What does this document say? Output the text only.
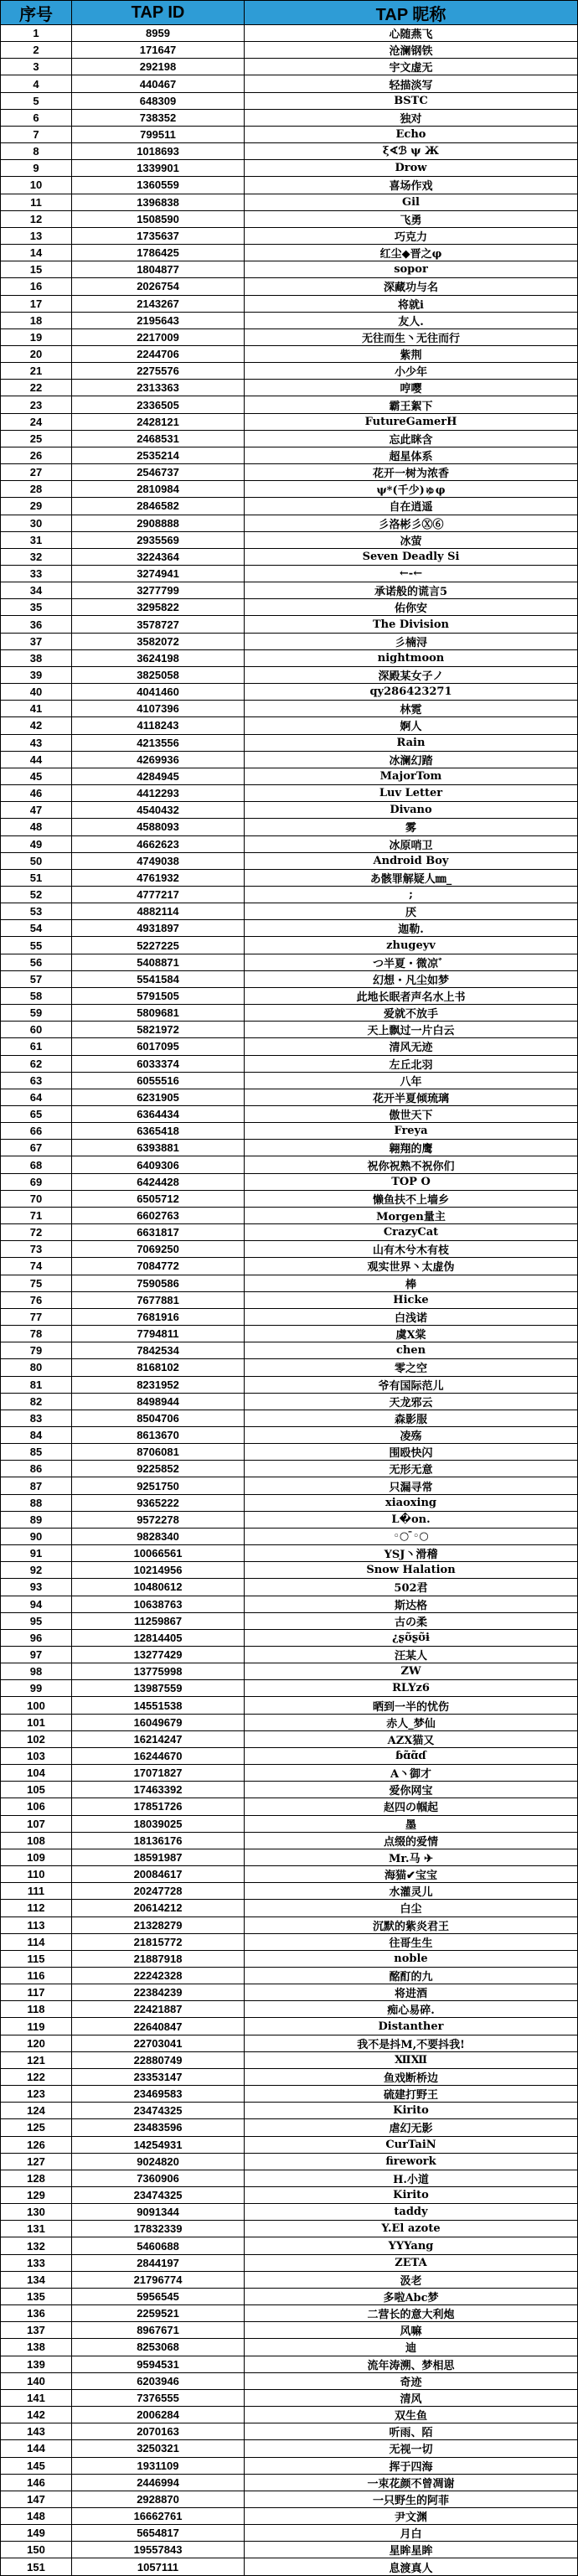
序号	TAP ID	TAP 昵称
1	8959	心随燕飞
2	171647	沧澜钢铁
3	292198	宇文虚无
4	440467	轻描淡写
5	648309	BSTC
6	738352	独对
7	799511	Echo
8	1018693	ξ∢ℬ ψ Ж
9	1339901	Drow
10	1360559	喜场作戏
11	1396838	Gil
12	1508590	飞勇
13	1735637	巧克力
14	1786425	红尘◆晋之φ
15	1804877	sopor
16	2026754	深藏功与名
17	2143267	将就i
18	2195643	友人.
19	2217009	无往而生丶无往而行
20	2244706	紫荆
21	2275576	小少年
22	2313363	哼嘤
23	2336505	霸王絮下
24	2428121	FutureGamerH
25	2468531	忘此眯含
26	2535214	超星体系
27	2546737	花开一树为浓香
28	2810984	ψ*(千少)ゅφ
29	2846582	自在逍遥
30	2908888	彡洛彬彡Ⓧ⑥
31	2935569	冰萤
32	3224364	Seven Deadly Si
33	3274941	←-←
34	3277799	承诺般的谎言5
35	3295822	佑你安
36	3578727	The Division
37	3582072	彡楠浔
38	3624198	nightmoon
39	3825058	深殿某女子ノ
40	4041460	qy286423271
41	4107396	林霓
42	4118243	婀人
43	4213556	Rain
44	4269936	冰澜幻踏
45	4284945	MajorTom
46	4412293	Luv Letter
47	4540432	Divano
48	4588093	雾
49	4662623	冰原哨卫
50	4749038	Android Boy
51	4761932	あ骸罪解疑人㎜_
52	4777217	;
53	4882114	厌
54	4931897	迦勒.
55	5227225	zhugeyv
56	5408871	つ半夏・微凉゛
57	5541584	幻想・凡尘如梦
58	5791505	此地长眠者声名水上书
59	5809681	爱就不放手
60	5821972	天上飘过一片白云
61	6017095	清风无迹
62	6033374	左丘北羽
63	6055516	八年
64	6231905	花开半夏倾琉璃
65	6364434	傲世天下
66	6365418	Freya
67	6393881	翱翔的鹰
68	6409306	祝你祝熟不祝你们
69	6424428	TOP O
70	6505712	懒鱼扶不上墙乡
71	6602763	Morgen量主
72	6631817	CrazyCat
73	7069250	山有木兮木有枝
74	7084772	观实世界丶太虚伪
75	7590586	棒
76	7677881	Hicke
77	7681916	白浅诺
78	7794811	虞X棠
79	7842534	chen
80	8168102	零之空
81	8231952	爷有国际范儿
82	8498944	天龙邪云
83	8504706	森影服
84	8613670	凌殇
85	8706081	围殴快闪
86	9225852	无形无意
87	9251750	只漏寻常
88	9365222	xiaoxing
89	9572278	L�on.
90	9828340	◦○ ̄◦○
91	10066561	YSJ丶滑稽
92	10214956	Snow Halation
93	10480612	502君
94	10638763	斯达格
95	11259867	古の柔
96	12814405	¿ʂʊ̃ʂʊ̃ɨ
97	13277429	汪某人
98	13775998	ZW
99	13987559	RLYz6
100	14551538	晒到一半的忧伤
101	16049679	赤人_梦仙
102	16214247	AZX猫又
103	16244670	ɓɑ̃ɑ̃ɗ
104	17071827	A丶御才
105	17463392	爱你网宝
106	17851726	赵四の帼起
107	18039025	墨
108	18136176	点缀的爱情
109	18591987	Mr.马 ✈
110	20084617	海猫✔宝宝
111	20247728	水灌灵儿
112	20614212	白尘
113	21328279	沉默的紫炎君王
114	21815772	往哥生生
115	21887918	noble
116	22242328	酩酊的九
117	22384239	将进酒
118	22421887	痴心易碎.
119	22640847	Distanther
120	22703041	我不是抖M,不要抖我!
121	22880749	ⅫⅫ
122	23353147	鱼戏断桥边
123	23469583	硫建打野王
124	23474325	Kirito
125	23483596	虐幻无影
126	14254931	CurTaiN
127	9024820	firework
128	7360906	H.小道
129	23474325	Kirito
130	9091344	taddy
131	17832339	Y.El azote
132	5460688	YYYang
133	2844197	ZETA
134	21796774	汲老
135	5956545	多啦Abc梦
136	2259521	二营长的意大利炮
137	8967671	风嘛
138	8253068	迪
139	9594531	流年涛溯、梦相思
140	6203946	奇迹
141	7376555	清风
142	2006284	双生鱼
143	2070163	听雨、陌
144	3250321	无视一切
145	1931109	挥于四海
146	2446994	一束花颜不曾凋谢
147	2928870	一只野生的阿菲
148	16662761	尹文渊
149	5654817	月白
150	19557843	星眸星眸
151	1057111	息渡真人
